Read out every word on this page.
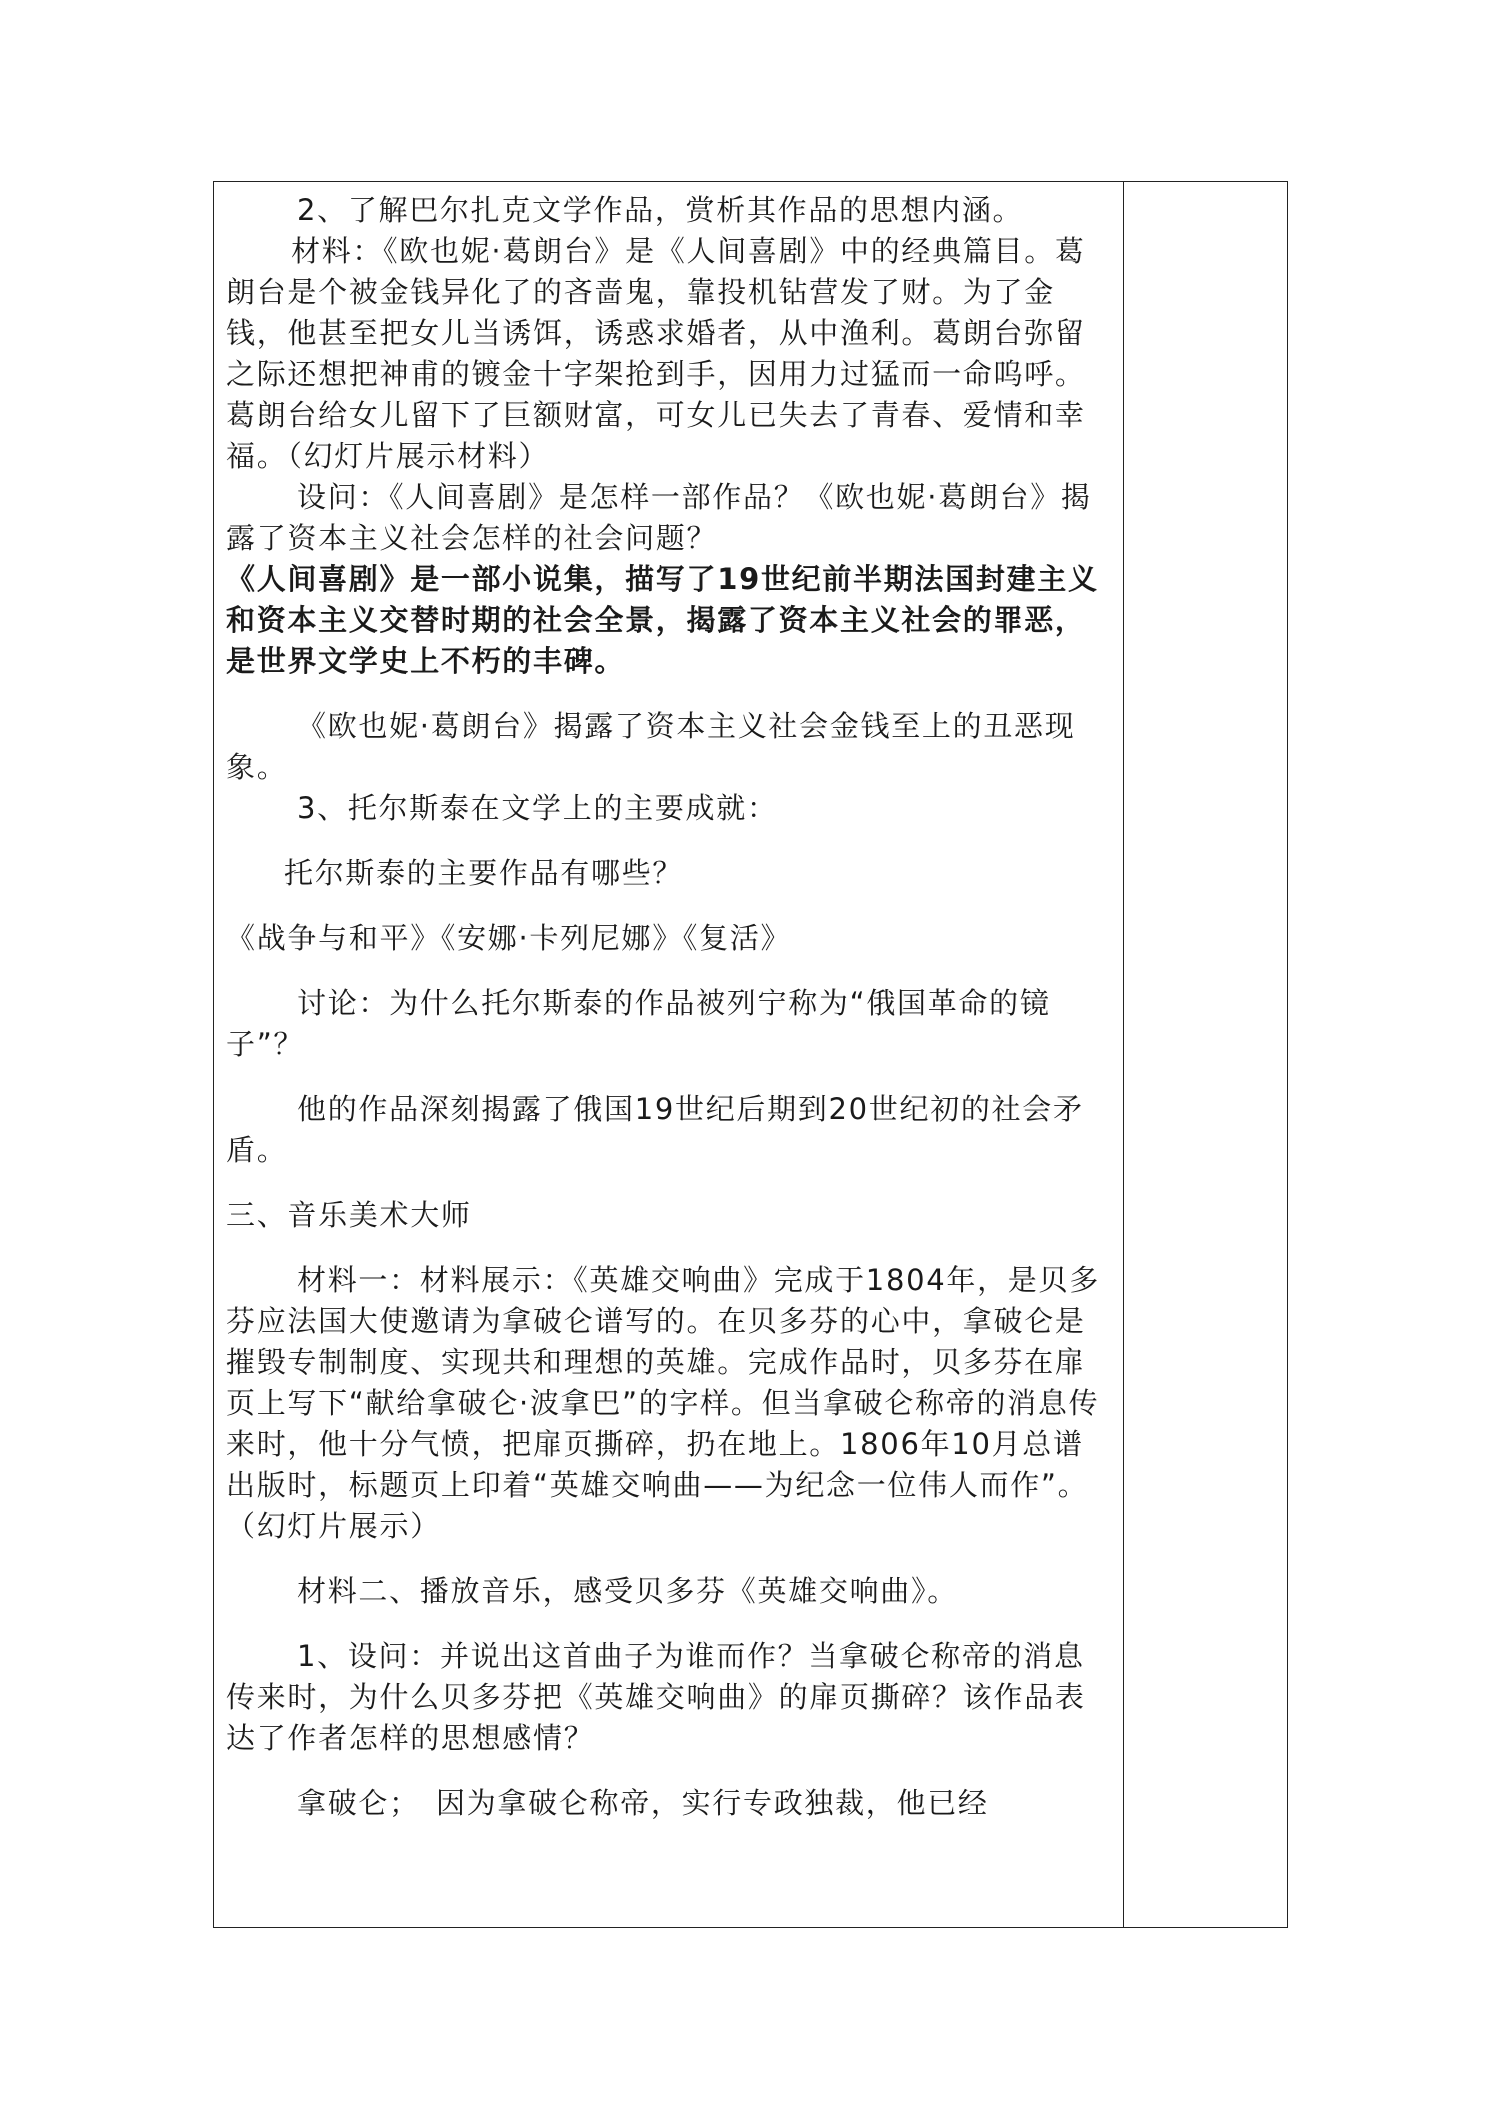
2、了解巴尔扎克文学作品，赏析其作品的思想内涵。

材料：《欧也妮·葛朗台》是《人间喜剧》中的经典篇目。葛朗台是个被金钱异化了的吝啬鬼，靠投机钻营发了财。为了金钱，他甚至把女儿当诱饵，诱惑求婚者，从中渔利。葛朗台弥留之际还想把神甫的镀金十字架抢到手，因用力过猛而一命呜呼。葛朗台给女儿留下了巨额财富，可女儿已失去了青春、爱情和幸福。（幻灯片展示材料）

设问：《人间喜剧》是怎样一部作品？《欧也妮·葛朗台》揭露了资本主义社会怎样的社会问题？

《人间喜剧》是一部小说集，描写了19世纪前半期法国封建主义和资本主义交替时期的社会全景，揭露了资本主义社会的罪恶，是世界文学史上不朽的丰碑。

《欧也妮·葛朗台》揭露了资本主义社会金钱至上的丑恶现象。

3、托尔斯泰在文学上的主要成就：

托尔斯泰的主要作品有哪些？

《战争与和平》《安娜·卡列尼娜》《复活》

讨论：为什么托尔斯泰的作品被列宁称为“俄国革命的镜子”？

他的作品深刻揭露了俄国19世纪后期到20世纪初的社会矛盾。

三、音乐美术大师

材料一：材料展示：《英雄交响曲》完成于1804年，是贝多芬应法国大使邀请为拿破仑谱写的。在贝多芬的心中，拿破仑是摧毁专制制度、实现共和理想的英雄。完成作品时，贝多芬在扉页上写下“献给拿破仑·波拿巴”的字样。但当拿破仑称帝的消息传来时，他十分气愤，把扉页撕碎，扔在地上。1806年10月总谱出版时，标题页上印着“英雄交响曲——为纪念一位伟人而作”。（幻灯片展示）

材料二、播放音乐，感受贝多芬《英雄交响曲》。

1、设问：并说出这首曲子为谁而作？当拿破仑称帝的消息传来时，为什么贝多芬把《英雄交响曲》的扉页撕碎？该作品表达了作者怎样的思想感情？

拿破仑；　因为拿破仑称帝，实行专政独裁，他已经
